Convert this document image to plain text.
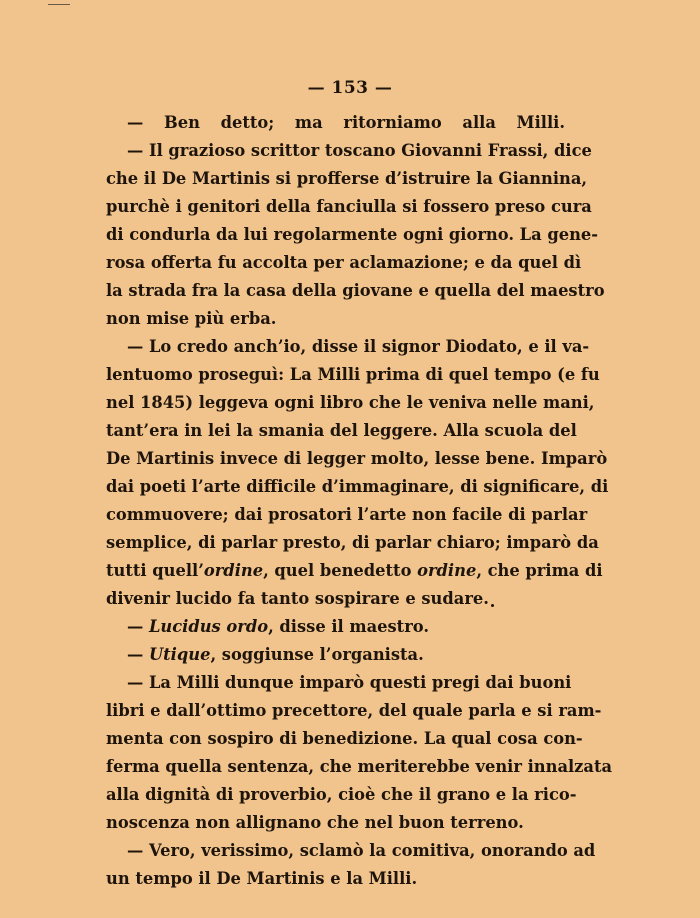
— 153 —
— Ben detto; ma ritorniamo alla Milli.
— Il grazioso scrittor toscano Giovanni Frassi, dice
che il De Martinis si profferse d’istruire la Giannina,
purchè i genitori della fanciulla si fossero preso cura
di condurla da lui regolarmente ogni giorno. La gene-
rosa offerta fu accolta per aclamazione; e da quel dì
la strada fra la casa della giovane e quella del maestro
non mise più erba.
— Lo credo anch’io, disse il signor Diodato, e il va-
lentuomo proseguì: La Milli prima di quel tempo (e fu
nel 1845) leggeva ogni libro che le veniva nelle mani,
tant’era in lei la smania del leggere. Alla scuola del
De Martinis invece di legger molto, lesse bene. Imparò
dai poeti l’arte difficile d’immaginare, di significare, di
commuovere; dai prosatori l’arte non facile di parlar
semplice, di parlar presto, di parlar chiaro; imparò da
tutti quell’ordine, quel benedetto ordine, che prima di
divenir lucido fa tanto sospirare e sudare.
— Lucidus ordo, disse il maestro.
— Utique, soggiunse l’organista.
— La Milli dunque imparò questi pregi dai buoni
libri e dall’ottimo precettore, del quale parla e si ram-
menta con sospiro di benedizione. La qual cosa con-
ferma quella sentenza, che meriterebbe venir innalzata
alla dignità di proverbio, cioè che il grano e la rico-
noscenza non allignano che nel buon terreno.
— Vero, verissimo, sclamò la comitiva, onorando ad
un tempo il De Martinis e la Milli.
